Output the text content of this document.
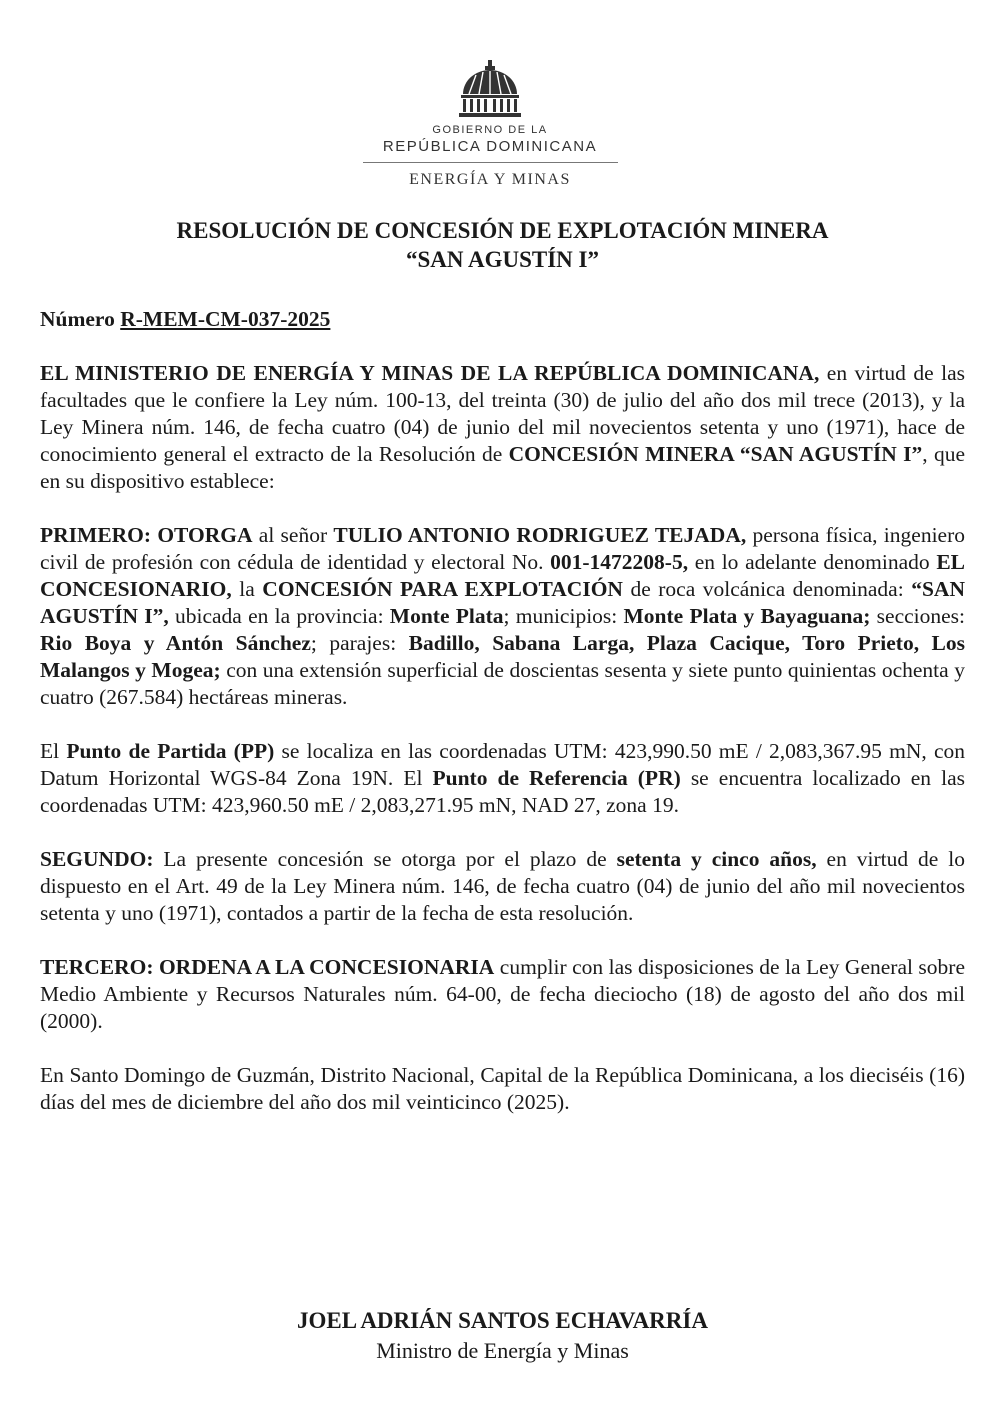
GOBIERNO DE LA
REPÚBLICA DOMINICANA
ENERGÍA Y MINAS
RESOLUCIÓN DE CONCESIÓN DE EXPLOTACIÓN MINERA
“SAN AGUSTÍN I”
Número R-MEM-CM-037-2025

EL MINISTERIO DE ENERGÍA Y MINAS DE LA REPÚBLICA DOMINICANA, en virtud de las facultades que le confiere la Ley núm. 100-13, del treinta (30) de julio del año dos mil trece (2013), y la Ley Minera núm. 146, de fecha cuatro (04) de junio del mil novecientos setenta y uno (1971), hace de conocimiento general el extracto de la Resolución de CONCESIÓN MINERA “SAN AGUSTÍN I”, que en su dispositivo establece:

PRIMERO: OTORGA al señor TULIO ANTONIO RODRIGUEZ TEJADA, persona física, ingeniero civil de profesión con cédula de identidad y electoral No. 001-1472208-5, en lo adelante denominado EL CONCESIONARIO, la CONCESIÓN PARA EXPLOTACIÓN de roca volcánica denominada: “SAN AGUSTÍN I”, ubicada en la provincia: Monte Plata; municipios: Monte Plata y Bayaguana; secciones: Rio Boya y Antón Sánchez; parajes: Badillo, Sabana Larga, Plaza Cacique, Toro Prieto, Los Malangos y Mogea; con una extensión superficial de doscientas sesenta y siete punto quinientas ochenta y cuatro (267.584) hectáreas mineras.

El Punto de Partida (PP) se localiza en las coordenadas UTM: 423,990.50 mE / 2,083,367.95 mN, con Datum Horizontal WGS-84 Zona 19N. El Punto de Referencia (PR) se encuentra localizado en las coordenadas UTM: 423,960.50 mE / 2,083,271.95 mN, NAD 27, zona 19.

SEGUNDO: La presente concesión se otorga por el plazo de setenta y cinco años, en virtud de lo dispuesto en el Art. 49 de la Ley Minera núm. 146, de fecha cuatro (04) de junio del año mil novecientos setenta y uno (1971), contados a partir de la fecha de esta resolución.

TERCERO: ORDENA A LA CONCESIONARIA cumplir con las disposiciones de la Ley General sobre Medio Ambiente y Recursos Naturales núm. 64-00, de fecha dieciocho (18) de agosto del año dos mil (2000).

En Santo Domingo de Guzmán, Distrito Nacional, Capital de la República Dominicana, a los dieciséis (16) días del mes de diciembre del año dos mil veinticinco (2025).

JOEL ADRIÁN SANTOS ECHAVARRÍA
Ministro de Energía y Minas
